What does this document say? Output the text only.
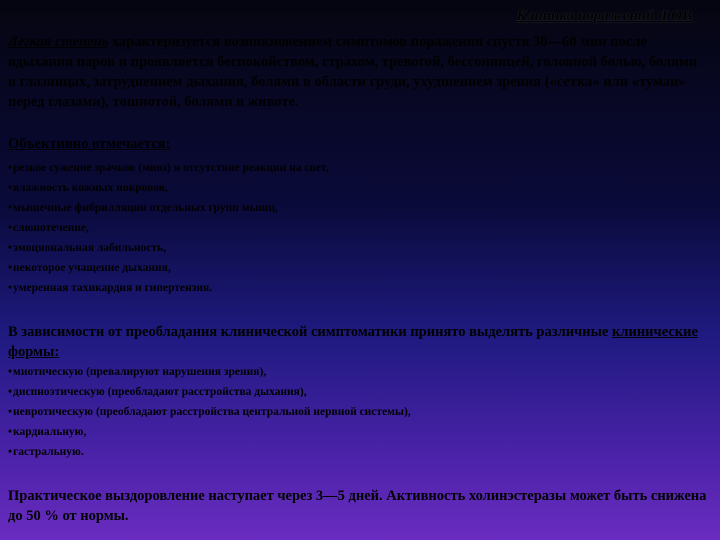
Клиника поражений ФОВ
Легкая степень характеризуется возникновением симптомов поражения спустя 30—60 мин после вдыхания паров и проявляется беспокойством, страхом, тревогой, бессонницей, головной болью, болями в глазницах, затруднением дыхания, болями в области груди, ухудшением зрения («сетка» или «туман» перед глазами), тошнотой, болями в животе.
Объективно отмечается:
• резкое сужение зрачков (миоз) и отсутствие реакции на свет,
• влажность кожных покровов,
• мышечные фибрилляции отдельных групп мышц,
• слюнотечение,
• эмоциональная лабильность,
• некоторое учащение дыхания,
• умеренная тахикардия и гипертензия.
В зависимости от преобладания клинической симптоматики принято выделять различные клинические формы:
• миотическую (превалируют нарушения зрения),
• диспноэтическую (преобладают расстройства дыхания),
• невротическую (преобладают расстройства центральной нервной системы),
• кардиальную,
• гастральную.
Практическое выздоровление наступает через 3—5 дней. Активность холинэстеразы может быть снижена до 50 % от нормы.
